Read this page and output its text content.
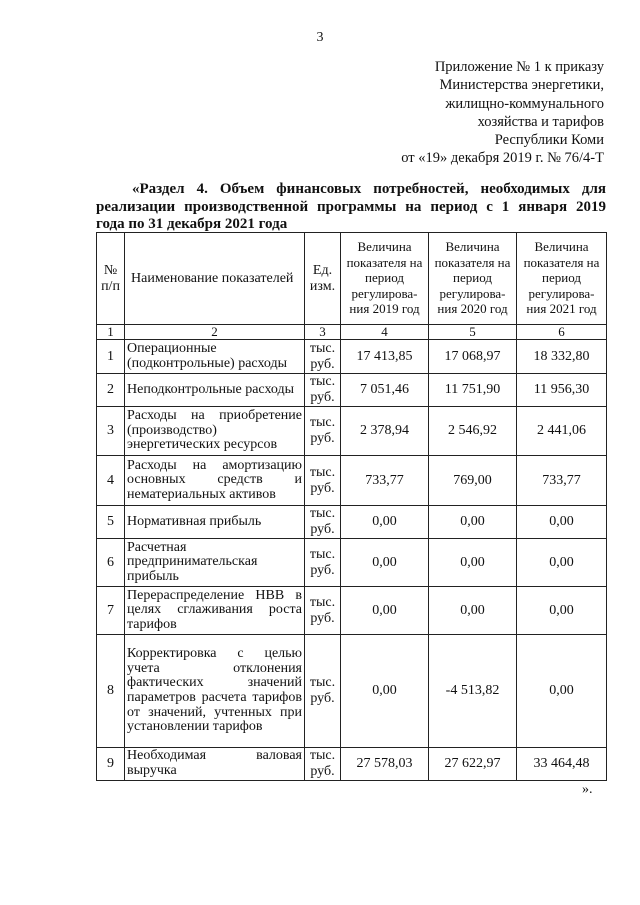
3
Приложение № 1 к приказу
Министерства энергетики,
жилищно-коммунального
хозяйства и тарифов
Республики Коми
от «19» декабря 2019 г. № 76/4-Т
«Раздел 4. Объем финансовых потребностей, необходимых для
реализации производственной программы на период с 1 января 2019
года по 31 декабря 2021 года
№ п/п	Наименование показателей	Ед. изм.	Величина показателя на период регулирова-ния 2019 год	Величина показателя на период регулирова-ния 2020 год	Величина показателя на период регулирова-ния 2021 год
1	2	3	4	5	6
1	Операционные (подконтрольные) расходы	тыс. руб.	17 413,85	17 068,97	18 332,80
2	Неподконтрольные расходы	тыс. руб.	7 051,46	11 751,90	11 956,30
3	Расходы на приобретение (производство) энергетических ресурсов	тыс. руб.	2 378,94	2 546,92	2 441,06
4	Расходы на амортизацию основных средств и нематериальных активов	тыс. руб.	733,77	769,00	733,77
5	Нормативная прибыль	тыс. руб.	0,00	0,00	0,00
6	Расчетная предпринимательская прибыль	тыс. руб.	0,00	0,00	0,00
7	Перераспределение НВВ в целях сглаживания роста тарифов	тыс. руб.	0,00	0,00	0,00
8	Корректировка с целью учета отклонения фактических значений параметров расчета тарифов от значений, учтенных при установлении тарифов	тыс. руб.	0,00	-4 513,82	0,00
9	Необходимая валовая выручка	тыс. руб.	27 578,03	27 622,97	33 464,48
».
